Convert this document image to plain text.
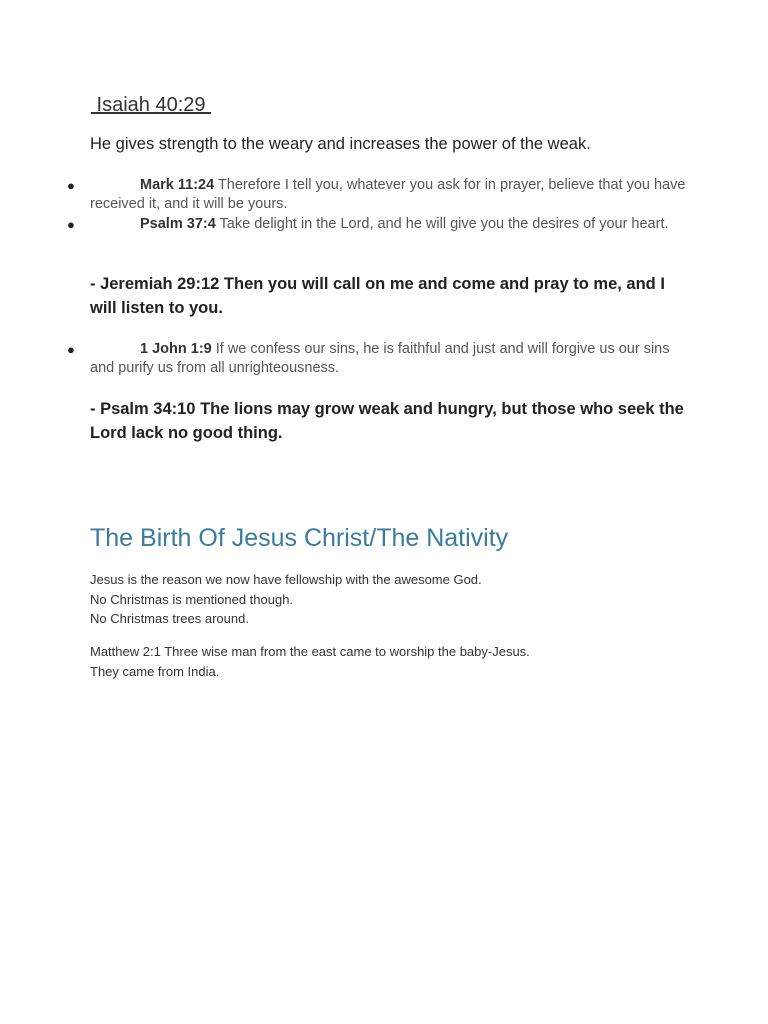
Isaiah 40:29
He gives strength to the weary and increases the power of the weak.
●	Mark 11:24 Therefore I tell you, whatever you ask for in prayer, believe that you have received it, and it will be yours.
●	Psalm 37:4 Take delight in the Lord, and he will give you the desires of your heart.
- Jeremiah 29:12 Then you will call on me and come and pray to me, and I will listen to you.
●	1 John 1:9 If we confess our sins, he is faithful and just and will forgive us our sins and purify us from all unrighteousness.
- Psalm 34:10 The lions may grow weak and hungry, but those who seek the Lord lack no good thing.
The Birth Of Jesus Christ/The Nativity
Jesus is the reason we now have fellowship with the awesome God.
No Christmas is mentioned though.
No Christmas trees around.
Matthew 2:1 Three wise man from the east came to worship the baby-Jesus.
They came from India.
